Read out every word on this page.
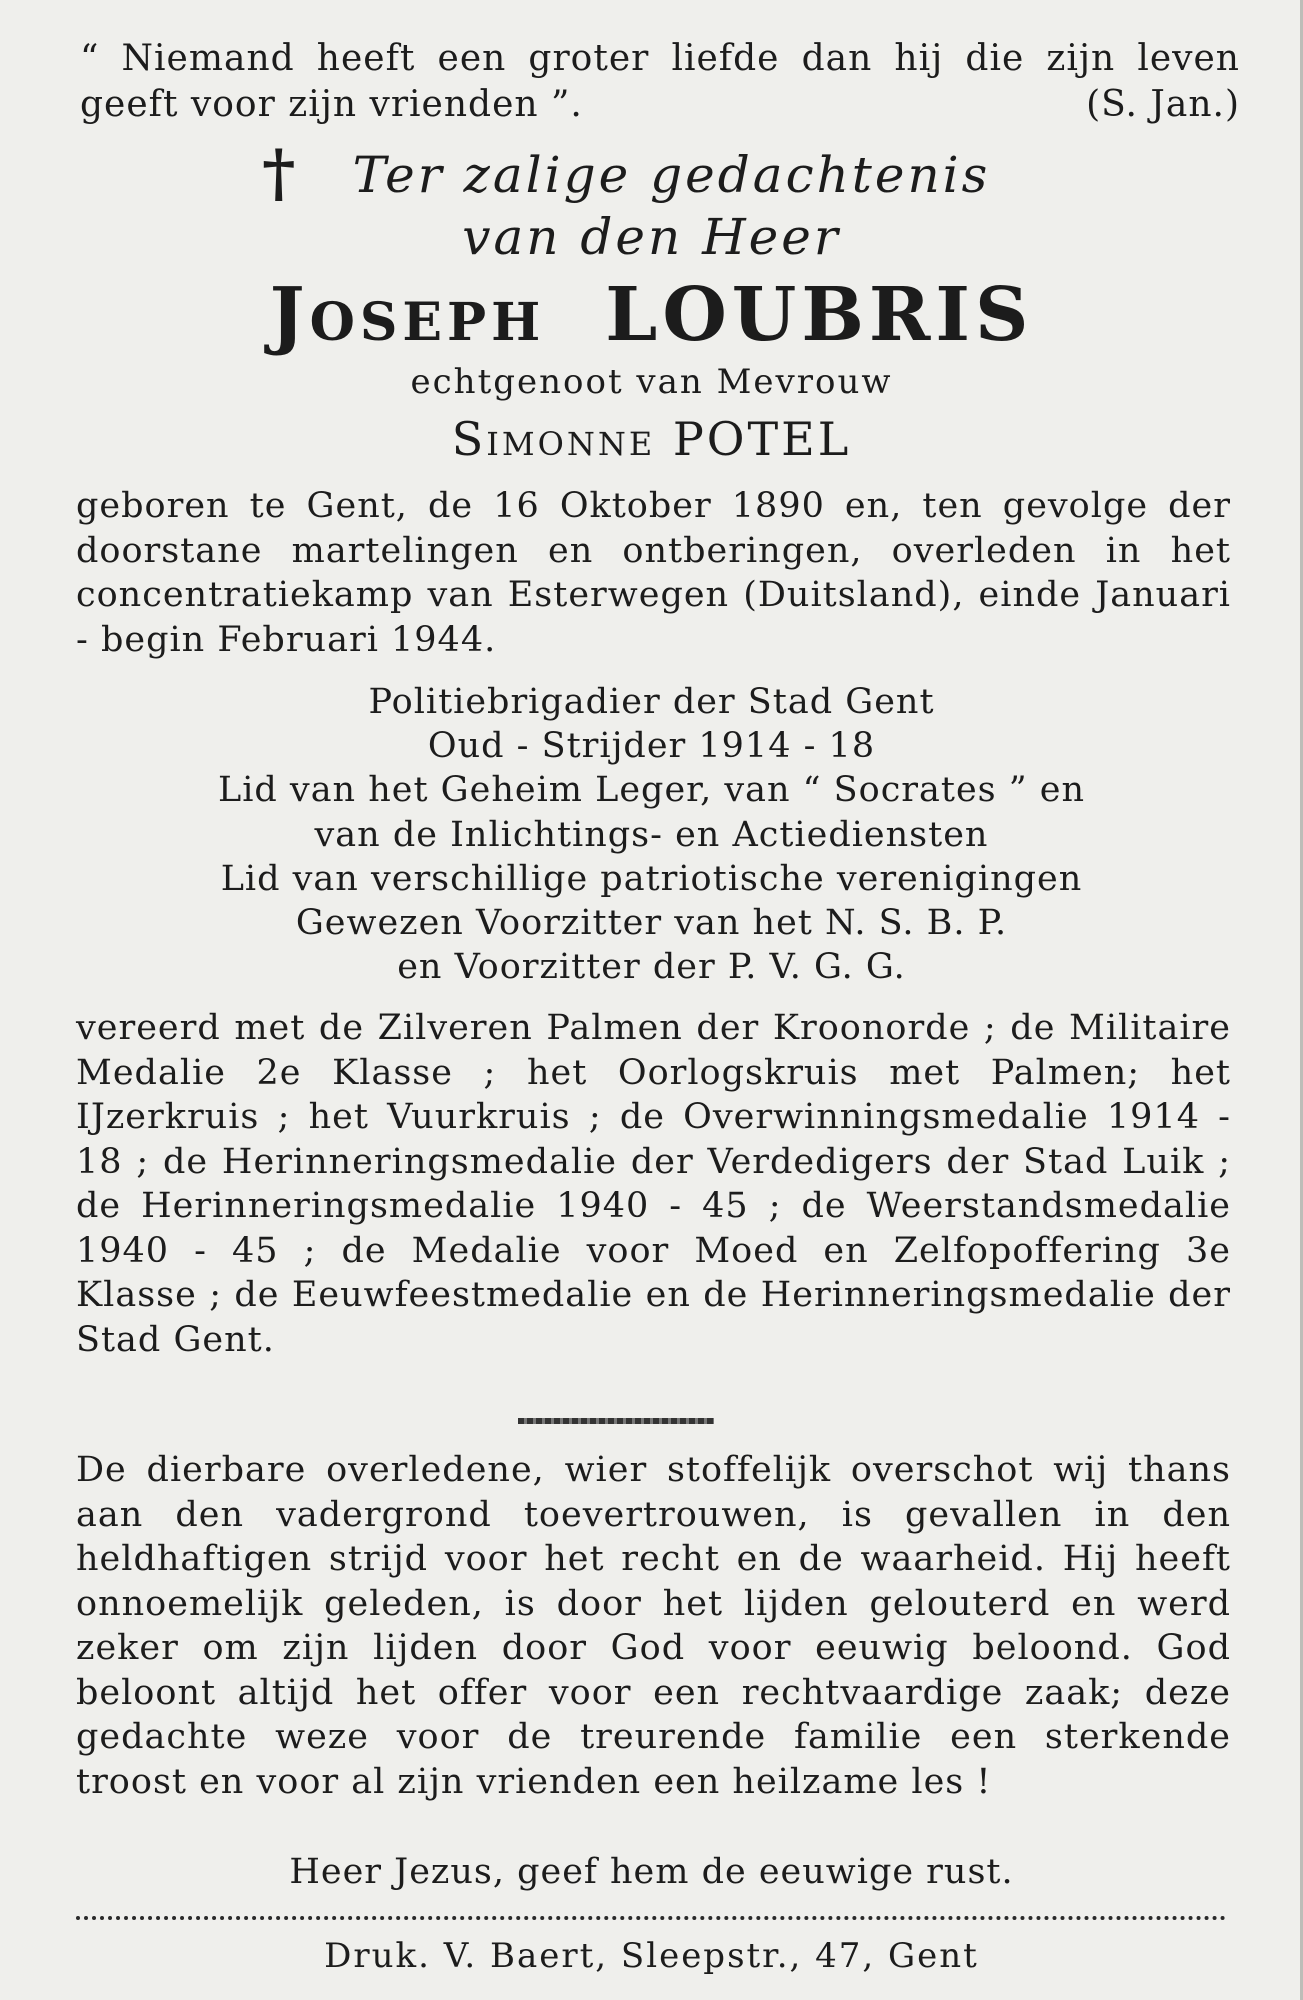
“ Niemand heeft een groter liefde dan hij die zijn leven geeft voor zijn vrienden ”.	(S. Jan.)
†	Ter zalige gedachtenis
van den Heer
Joseph LOUBRIS
echtgenoot van Mevrouw
Simonne POTEL
geboren te Gent, de 16 Oktober 1890 en, ten gevolge der doorstane martelingen en ontberingen, overleden in het concentratiekamp van Esterwegen (Duitsland), einde Januari - begin Februari 1944.
Politiebrigadier der Stad Gent
Oud - Strijder 1914 - 18
Lid van het Geheim Leger, van “ Socrates ” en
van de Inlichtings- en Actiediensten
Lid van verschillige patriotische verenigingen
Gewezen Voorzitter van het N. S. B. P.
en Voorzitter der P. V. G. G.
vereerd met de Zilveren Palmen der Kroonorde ; de Militaire Medalie 2e Klasse ; het Oorlogskruis met Palmen; het IJzerkruis ; het Vuurkruis ; de Overwinningsmedalie 1914 - 18 ; de Herinneringsmedalie der Verdedigers der Stad Luik ; de Herinneringsmedalie 1940 - 45 ; de Weerstandsmedalie 1940 - 45 ; de Medalie voor Moed en Zelfopoffering 3e Klasse ; de Eeuwfeestmedalie en de Herinneringsmedalie der Stad Gent.
De dierbare overledene, wier stoffelijk overschot wij thans aan den vadergrond toevertrouwen, is gevallen in den heldhaftigen strijd voor het recht en de waarheid. Hij heeft onnoemelijk geleden, is door het lijden gelouterd en werd zeker om zijn lijden door God voor eeuwig beloond. God beloont altijd het offer voor een rechtvaardige zaak; deze gedachte weze voor de treurende familie een sterkende troost en voor al zijn vrienden een heilzame les !
Heer Jezus, geef hem de eeuwige rust.
Druk. V. Baert, Sleepstr., 47, Gent
